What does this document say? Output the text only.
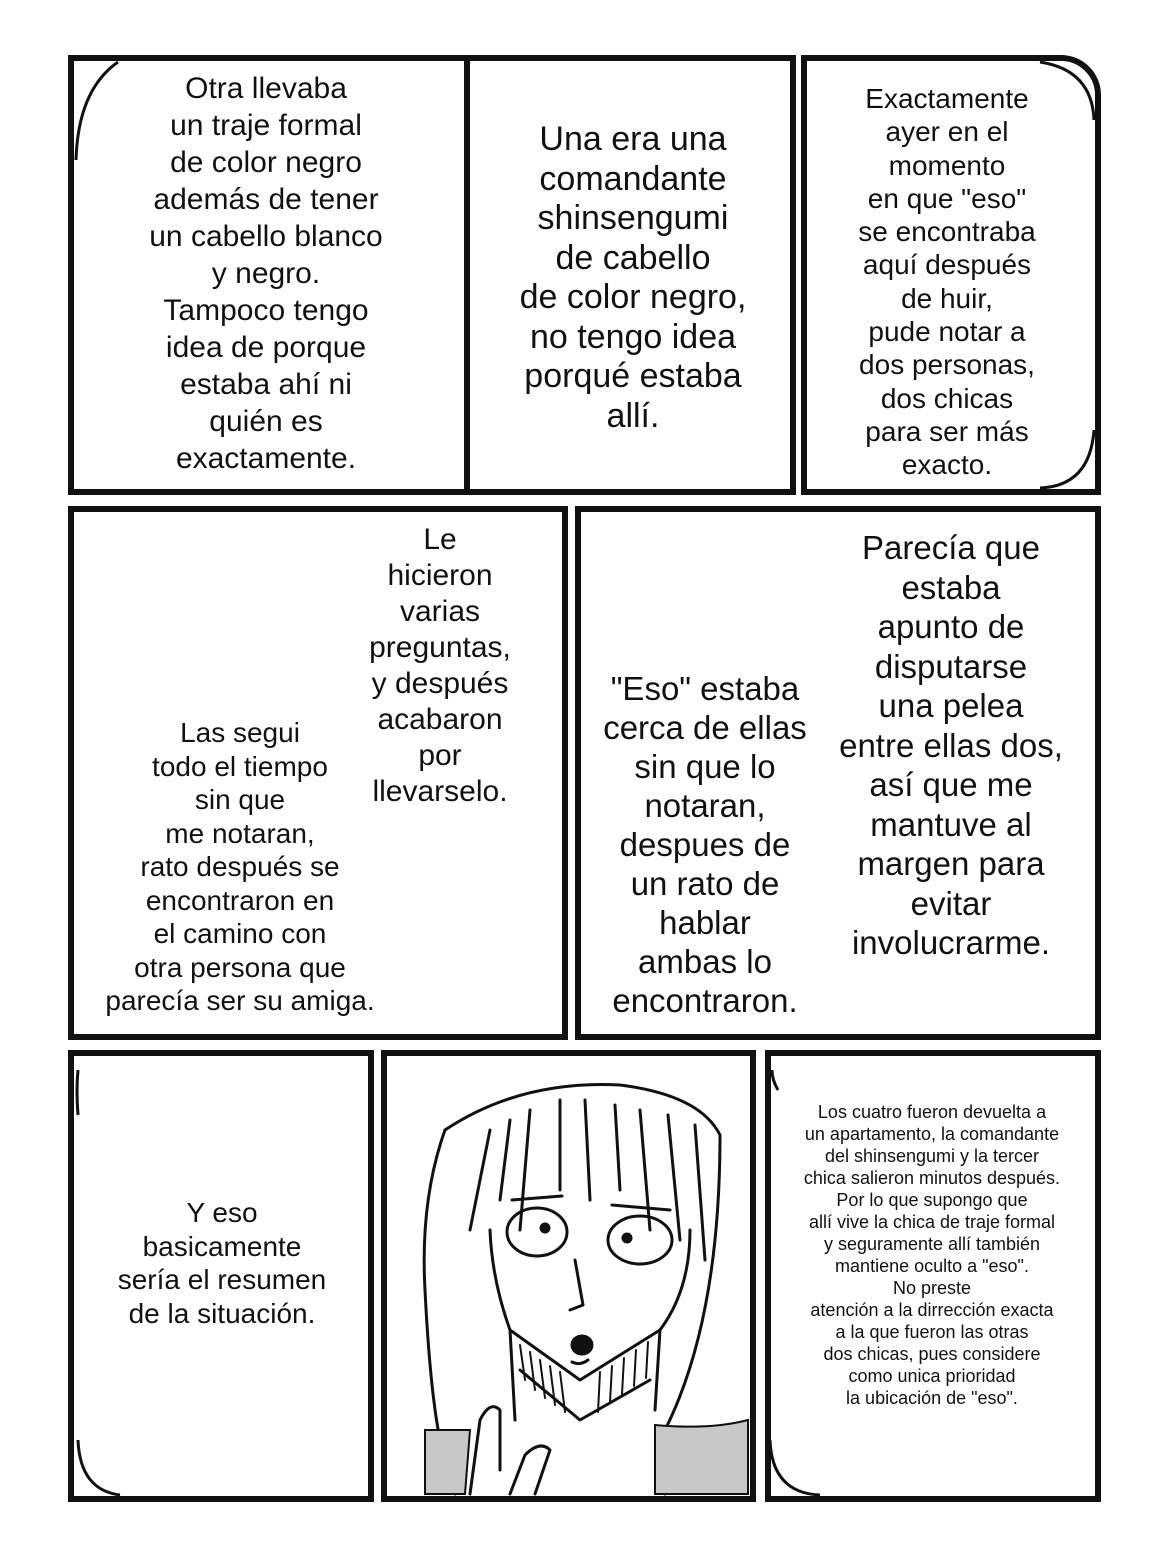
Otra llevaba
un traje formal
de color negro
además de tener
un cabello blanco
y negro.
Tampoco tengo
idea de porque
estaba ahí ni
quién es
exactamente.
Una era una
comandante
shinsengumi
de cabello
de color negro,
no tengo idea
porqué estaba
allí.
Exactamente
ayer en el
momento
en que "eso"
se encontraba
aquí después
de huir,
pude notar a
dos personas,
dos chicas
para ser más
exacto.
Le
hicieron
varias
preguntas,
y después
acabaron
por
llevarselo.
Las segui
todo el tiempo
sin que
me notaran,
rato después se
encontraron en
el camino con
otra persona que
parecía ser su amiga.
"Eso" estaba
cerca de ellas
sin que lo
notaran,
despues de
un rato de
hablar
ambas lo
encontraron.
Parecía que
estaba
apunto de
disputarse
una pelea
entre ellas dos,
así que me
mantuve al
margen para
evitar
involucrarme.
Y eso
basicamente
sería el resumen
de la situación.
Los cuatro fueron devuelta a
un apartamento, la comandante
del shinsengumi y la tercer
chica salieron minutos después.
Por lo que supongo que
allí vive la chica de traje formal
y seguramente allí también
mantiene oculto a "eso".
No preste
atención a la dirrección exacta
a la que fueron las otras
dos chicas, pues considere
como unica prioridad
la ubicación de "eso".
